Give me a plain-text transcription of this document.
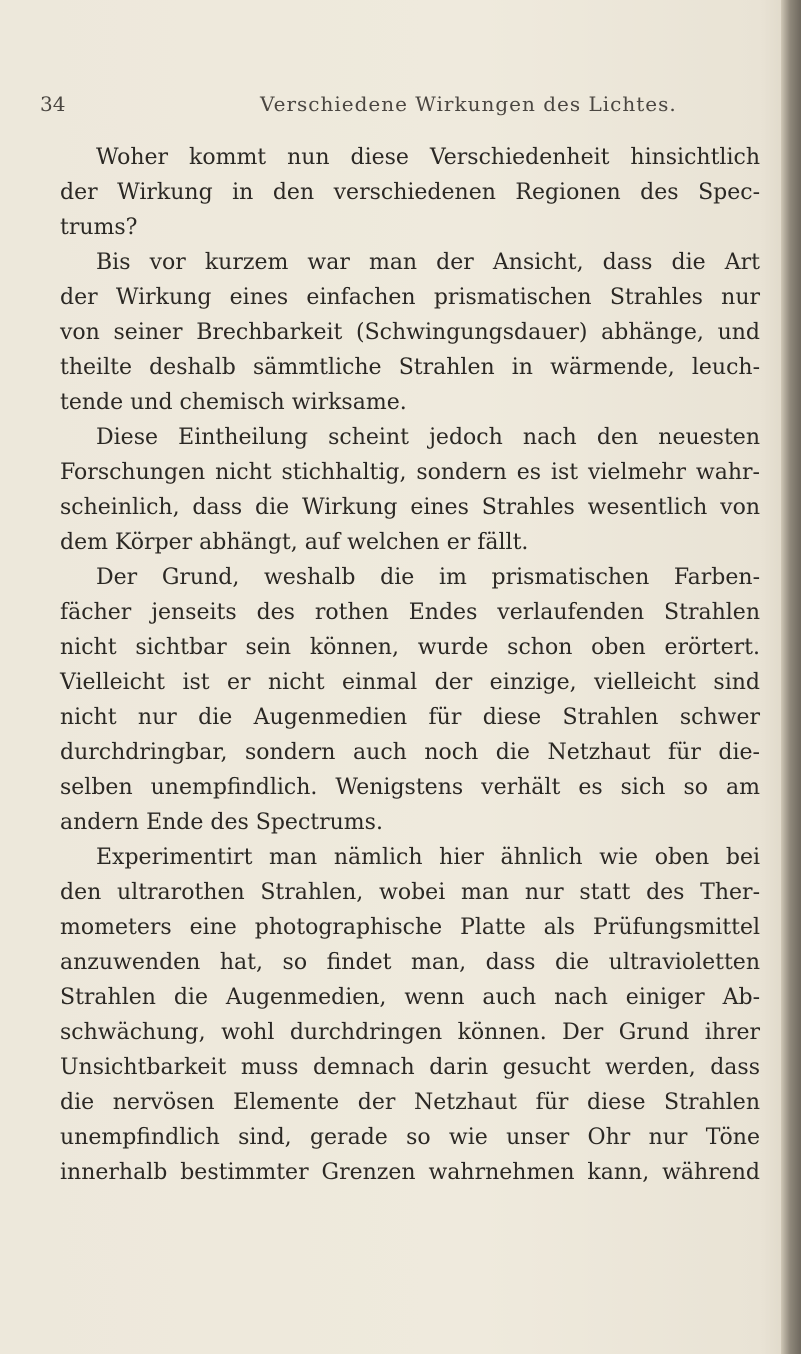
34	Verschiedene Wirkungen des Lichtes.
Woher kommt nun diese Verschiedenheit hinsichtlich
der Wirkung in den verschiedenen Regionen des Spec-
trums?
Bis vor kurzem war man der Ansicht, dass die Art
der Wirkung eines einfachen prismatischen Strahles nur
von seiner Brechbarkeit (Schwingungsdauer) abhänge, und
theilte deshalb sämmtliche Strahlen in wärmende, leuch-
tende und chemisch wirksame.
Diese Eintheilung scheint jedoch nach den neuesten
Forschungen nicht stichhaltig, sondern es ist vielmehr wahr-
scheinlich, dass die Wirkung eines Strahles wesentlich von
dem Körper abhängt, auf welchen er fällt.
Der Grund, weshalb die im prismatischen Farben-
fächer jenseits des rothen Endes verlaufenden Strahlen
nicht sichtbar sein können, wurde schon oben erörtert.
Vielleicht ist er nicht einmal der einzige, vielleicht sind
nicht nur die Augenmedien für diese Strahlen schwer
durchdringbar, sondern auch noch die Netzhaut für die-
selben unempfindlich. Wenigstens verhält es sich so am
andern Ende des Spectrums.
Experimentirt man nämlich hier ähnlich wie oben bei
den ultrarothen Strahlen, wobei man nur statt des Ther-
mometers eine photographische Platte als Prüfungsmittel
anzuwenden hat, so findet man, dass die ultravioletten
Strahlen die Augenmedien, wenn auch nach einiger Ab-
schwächung, wohl durchdringen können. Der Grund ihrer
Unsichtbarkeit muss demnach darin gesucht werden, dass
die nervösen Elemente der Netzhaut für diese Strahlen
unempfindlich sind, gerade so wie unser Ohr nur Töne
innerhalb bestimmter Grenzen wahrnehmen kann, während
